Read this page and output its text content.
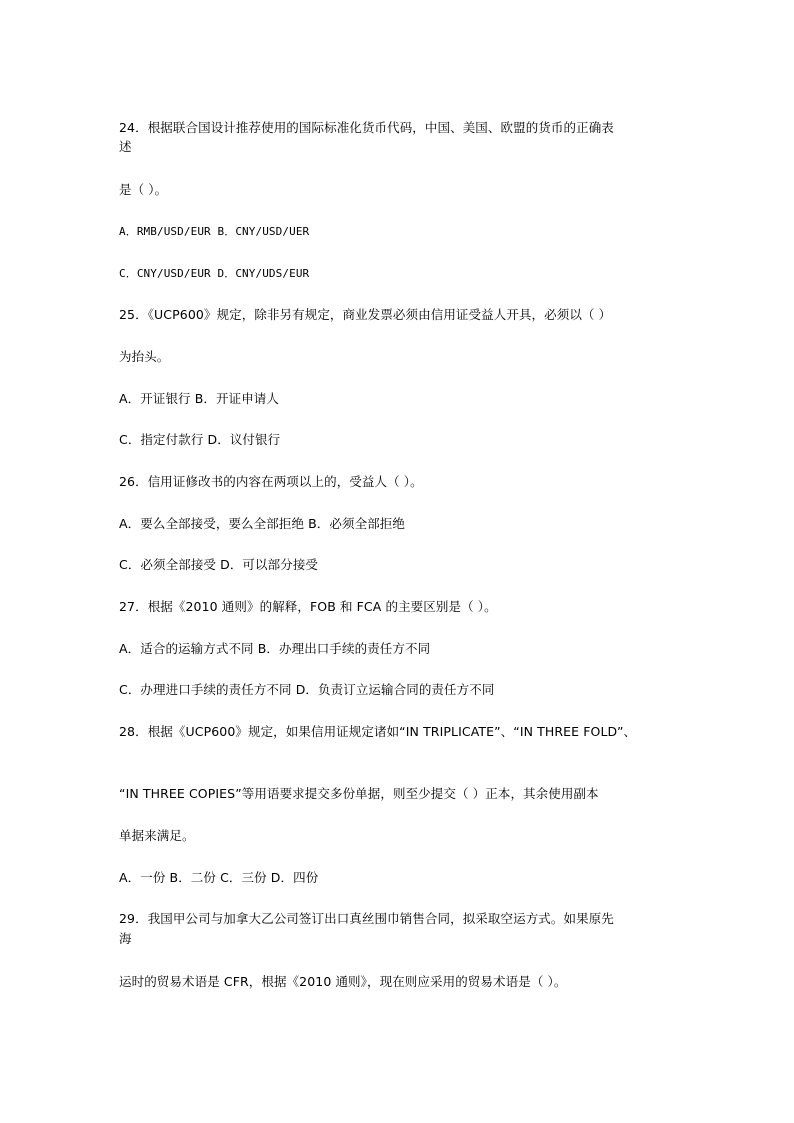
24．根据联合国设计推荐使用的国际标准化货币代码，中国、美国、欧盟的货币的正确表
述
是（ ）。
A．RMB/USD/EUR B．CNY/USD/UER
C．CNY/USD/EUR D．CNY/UDS/EUR
25．《UCP600》规定，除非另有规定，商业发票必须由信用证受益人开具，必须以（ ）
为抬头。
A．开证银行 B．开证申请人
C．指定付款行 D．议付银行
26．信用证修改书的内容在两项以上的，受益人（ ）。
A．要么全部接受，要么全部拒绝 B．必须全部拒绝
C．必须全部接受 D．可以部分接受
27．根据《2010 通则》的解释，FOB 和 FCA 的主要区别是（ ）。
A．适合的运输方式不同 B．办理出口手续的责任方不同
C．办理进口手续的责任方不同 D．负责订立运输合同的责任方不同
28．根据《UCP600》规定，如果信用证规定诸如“IN TRIPLICATE”、“IN THREE FOLD”、
“IN THREE COPIES”等用语要求提交多份单据，则至少提交（ ）正本，其余使用副本
单据来满足。
A．一份 B．二份 C．三份 D．四份
29．我国甲公司与加拿大乙公司签订出口真丝围巾销售合同，拟采取空运方式。如果原先
海
运时的贸易术语是 CFR，根据《2010 通则》，现在则应采用的贸易术语是（ ）。
